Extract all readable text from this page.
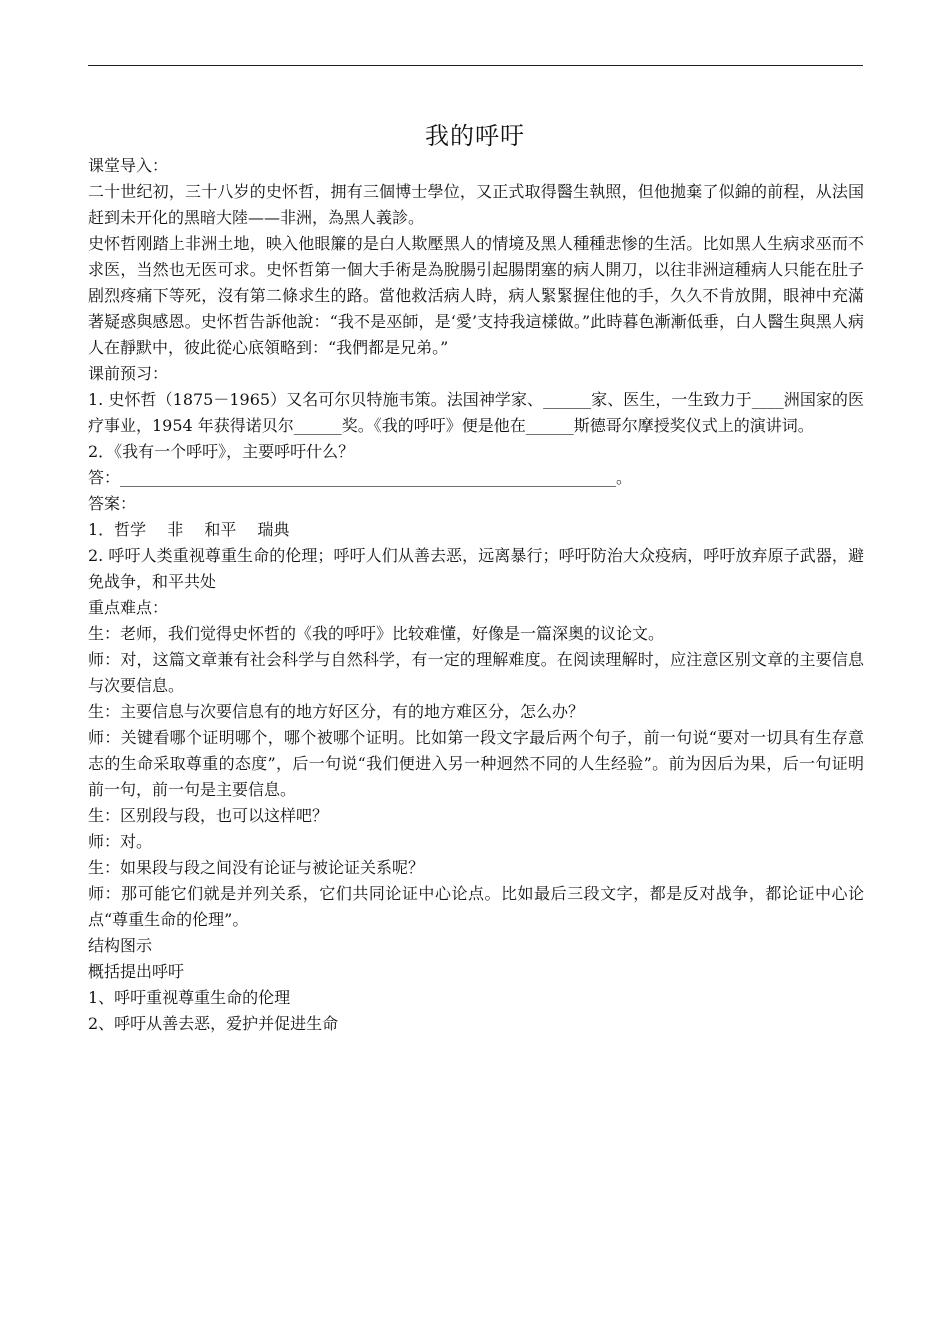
我的呼吁

课堂导入：

二十世纪初，三十八岁的史怀哲，拥有三個博士學位，又正式取得醫生執照，但他拋棄了似錦的前程，从法国赶到未开化的黑暗大陸——非洲，為黑人義診。

史怀哲刚踏上非洲土地，映入他眼簾的是白人欺壓黑人的情境及黑人種種悲惨的生活。比如黑人生病求巫而不求医，当然也无医可求。史怀哲第一個大手術是為脫腸引起腸閉塞的病人開刀，以往非洲這種病人只能在肚子剧烈疼痛下等死，沒有第二條求生的路。當他救活病人時，病人緊緊握住他的手，久久不肯放開，眼神中充滿著疑惑與感恩。史怀哲告訴他說：“我不是巫師，是‘愛’支持我這樣做。”此時暮色漸漸低垂，白人醫生與黑人病人在靜默中，彼此從心底領略到：“我們都是兄弟。”

课前预习：

1. 史怀哲（1875－1965）又名可尔贝特施韦策。法国神学家、______家、医生，一生致力于____洲国家的医疗事业，1954 年获得诺贝尔______奖。《我的呼吁》便是他在______斯德哥尔摩授奖仪式上的演讲词。

2．《我有一个呼吁》，主要呼吁什么？

答：______________________________________________________________。

答案：

1．哲学　 非 　和平 　瑞典

2. 呼吁人类重视尊重生命的伦理；呼吁人们从善去恶，远离暴行；呼吁防治大众疫病，呼吁放弃原子武器，避免战争，和平共处

重点难点：

生：老师，我们觉得史怀哲的《我的呼吁》比较难懂，好像是一篇深奥的议论文。

师：对，这篇文章兼有社会科学与自然科学，有一定的理解难度。在阅读理解时，应注意区别文章的主要信息与次要信息。

生：主要信息与次要信息有的地方好区分，有的地方难区分，怎么办？

师：关键看哪个证明哪个，哪个被哪个证明。比如第一段文字最后两个句子，前一句说“要对一切具有生存意志的生命采取尊重的态度”，后一句说“我们便进入另一种迥然不同的人生经验”。前为因后为果，后一句证明前一句，前一句是主要信息。

生：区别段与段，也可以这样吧？

师：对。

生：如果段与段之间没有论证与被论证关系呢？

师：那可能它们就是并列关系，它们共同论证中心论点。比如最后三段文字，都是反对战争，都论证中心论点“尊重生命的伦理”。

结构图示

概括提出呼吁

1、呼吁重视尊重生命的伦理

2、呼吁从善去恶，爱护并促进生命
